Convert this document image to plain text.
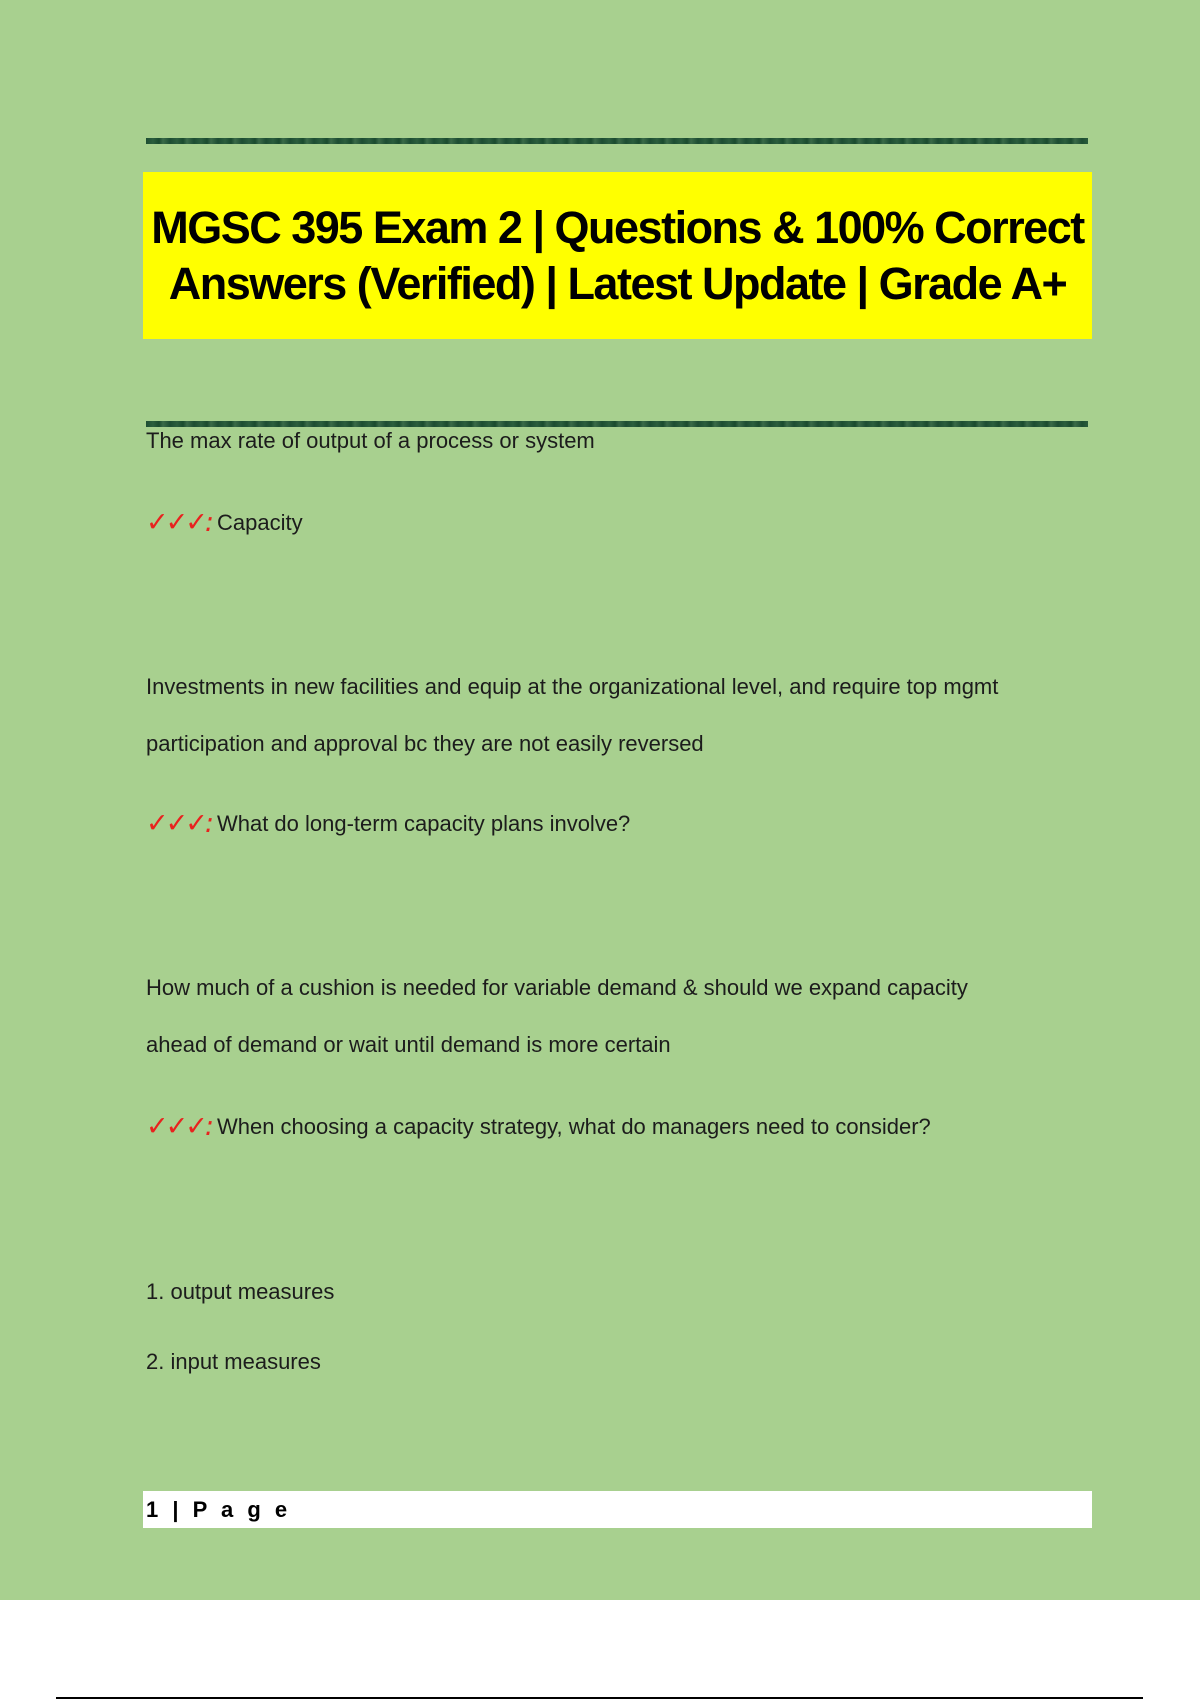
MGSC 395 Exam 2 | Questions & 100% Correct Answers (Verified) | Latest Update | Grade A+
The max rate of output of a process or system
✓✓✓: Capacity
Investments in new facilities and equip at the organizational level, and require top mgmt
participation and approval bc they are not easily reversed
✓✓✓: What do long-term capacity plans involve?
How much of a cushion is needed for variable demand & should we expand capacity
ahead of demand or wait until demand is more certain
✓✓✓: When choosing a capacity strategy, what do managers need to consider?
1. output measures
2. input measures
1 | P a g e
